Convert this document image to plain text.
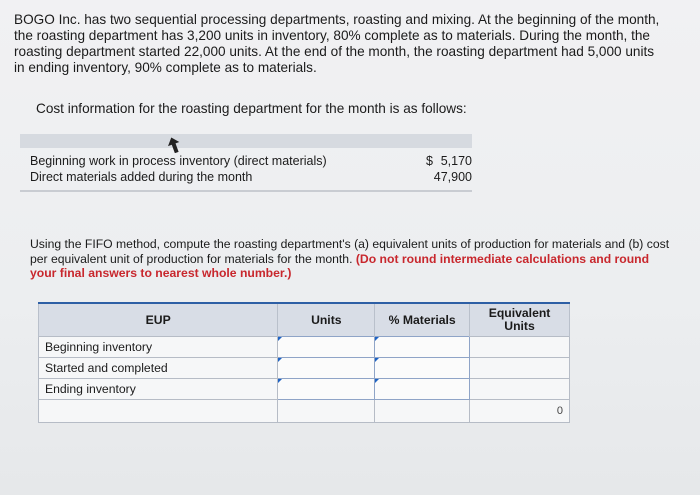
BOGO Inc. has two sequential processing departments, roasting and mixing. At the beginning of the month,

the roasting department has 3,200 units in inventory, 80% complete as to materials. During the month, the

roasting department started 22,000 units. At the end of the month, the roasting department had 5,000 units

in ending inventory, 90% complete as to materials.

Cost information for the roasting department for the month is as follows:
Beginning work in process inventory (direct materials)	$ 5,170
Direct materials added during the month	47,900
Using the FIFO method, compute the roasting department's (a) equivalent units of production for materials and (b) cost per equivalent unit of production for materials for the month. (Do not round intermediate calculations and round your final answers to nearest whole number.)
EUP	Units	% Materials	Equivalent Units
Beginning inventory			
Started and completed			
Ending inventory			
			0
